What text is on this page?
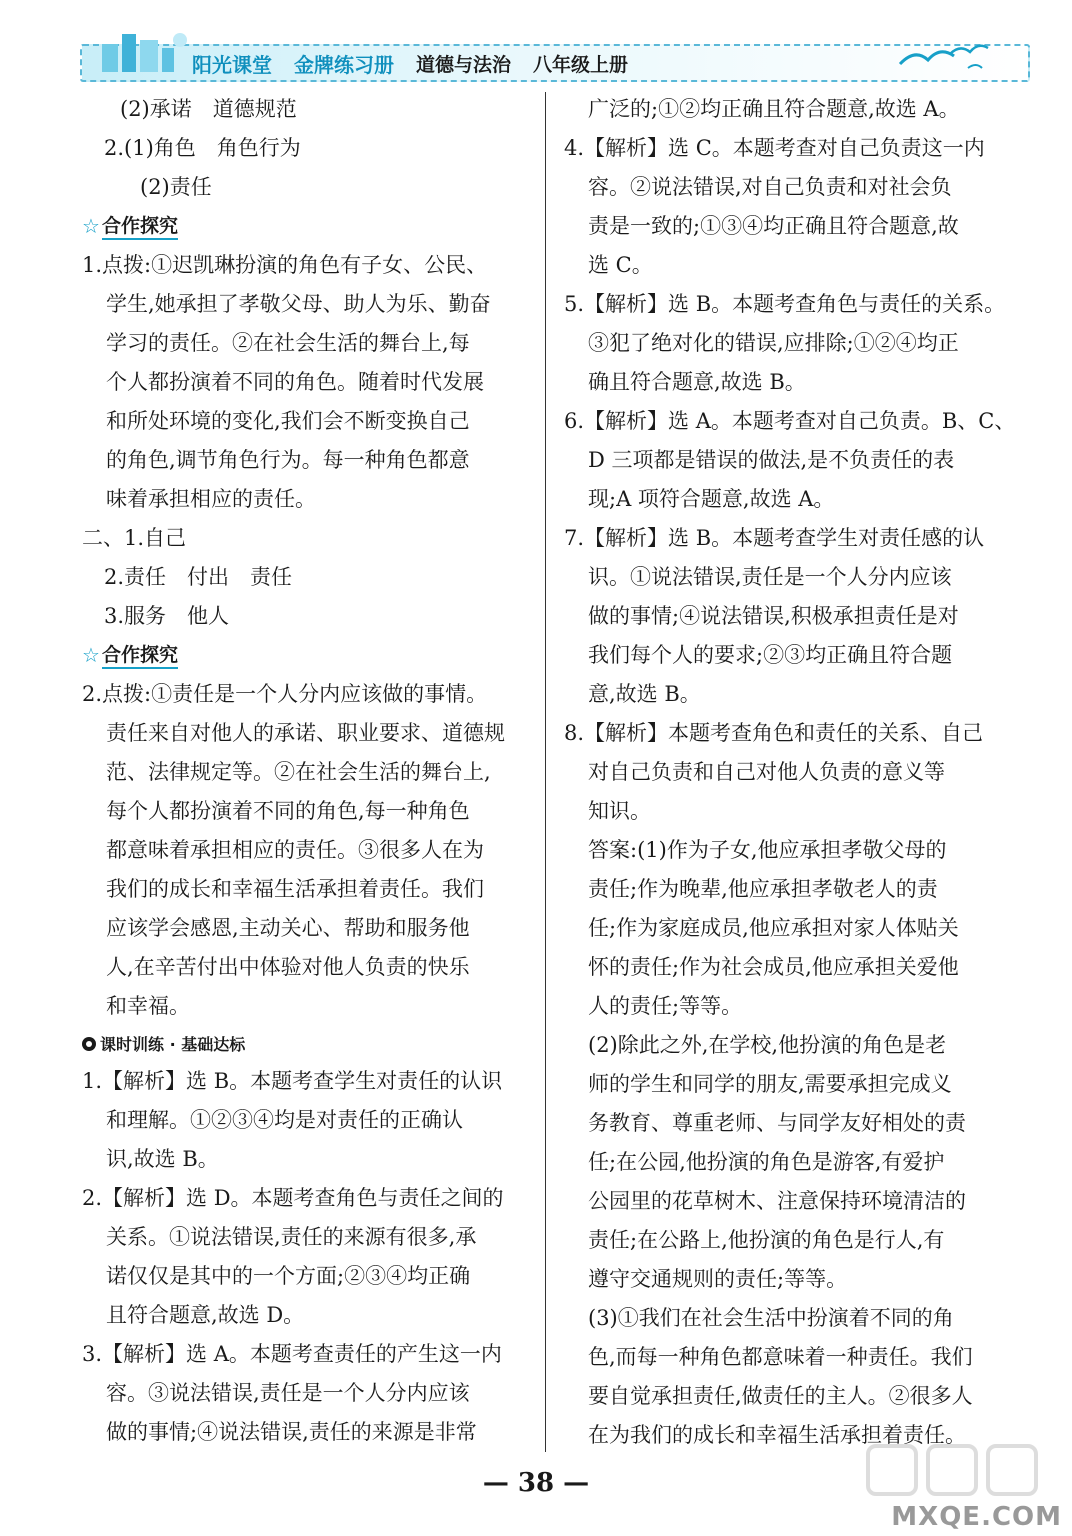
阳光课堂 金牌练习册 道德与法治 八年级上册
(2)承诺　道德规范
2.(1)角色　角色行为
(2)责任
☆ 合作探究
1.点拨:①迟凯琳扮演的角色有子女、公民、
学生,她承担了孝敬父母、助人为乐、勤奋
学习的责任。②在社会生活的舞台上,每
个人都扮演着不同的角色。随着时代发展
和所处环境的变化,我们会不断变换自己
的角色,调节角色行为。每一种角色都意
味着承担相应的责任。
二、1.自己
2.责任　付出　责任
3.服务　他人
☆ 合作探究
2.点拨:①责任是一个人分内应该做的事情。
责任来自对他人的承诺、职业要求、道德规
范、法律规定等。②在社会生活的舞台上,
每个人都扮演着不同的角色,每一种角色
都意味着承担相应的责任。③很多人在为
我们的成长和幸福生活承担着责任。我们
应该学会感恩,主动关心、帮助和服务他
人,在辛苦付出中体验对他人负责的快乐
和幸福。
课时训练 · 基础达标
1.【解析】选 B。本题考查学生对责任的认识
和理解。①②③④均是对责任的正确认
识,故选 B。
2.【解析】选 D。本题考查角色与责任之间的
关系。①说法错误,责任的来源有很多,承
诺仅仅是其中的一个方面;②③④均正确
且符合题意,故选 D。
3.【解析】选 A。本题考查责任的产生这一内
容。③说法错误,责任是一个人分内应该
做的事情;④说法错误,责任的来源是非常
广泛的;①②均正确且符合题意,故选 A。
4.【解析】选 C。本题考查对自己负责这一内
容。②说法错误,对自己负责和对社会负
责是一致的;①③④均正确且符合题意,故
选 C。
5.【解析】选 B。本题考查角色与责任的关系。
③犯了绝对化的错误,应排除;①②④均正
确且符合题意,故选 B。
6.【解析】选 A。本题考查对自己负责。B、C、
D 三项都是错误的做法,是不负责任的表
现;A 项符合题意,故选 A。
7.【解析】选 B。本题考查学生对责任感的认
识。①说法错误,责任是一个人分内应该
做的事情;④说法错误,积极承担责任是对
我们每个人的要求;②③均正确且符合题
意,故选 B。
8.【解析】本题考查角色和责任的关系、自己
对自己负责和自己对他人负责的意义等
知识。
答案:(1)作为子女,他应承担孝敬父母的
责任;作为晚辈,他应承担孝敬老人的责
任;作为家庭成员,他应承担对家人体贴关
怀的责任;作为社会成员,他应承担关爱他
人的责任;等等。
(2)除此之外,在学校,他扮演的角色是老
师的学生和同学的朋友,需要承担完成义
务教育、尊重老师、与同学友好相处的责
任;在公园,他扮演的角色是游客,有爱护
公园里的花草树木、注意保持环境清洁的
责任;在公路上,他扮演的角色是行人,有
遵守交通规则的责任;等等。
(3)①我们在社会生活中扮演着不同的角
色,而每一种角色都意味着一种责任。我们
要自觉承担责任,做责任的主人。②很多人
在为我们的成长和幸福生活承担着责任。
— 38 —
MXQE.COM
